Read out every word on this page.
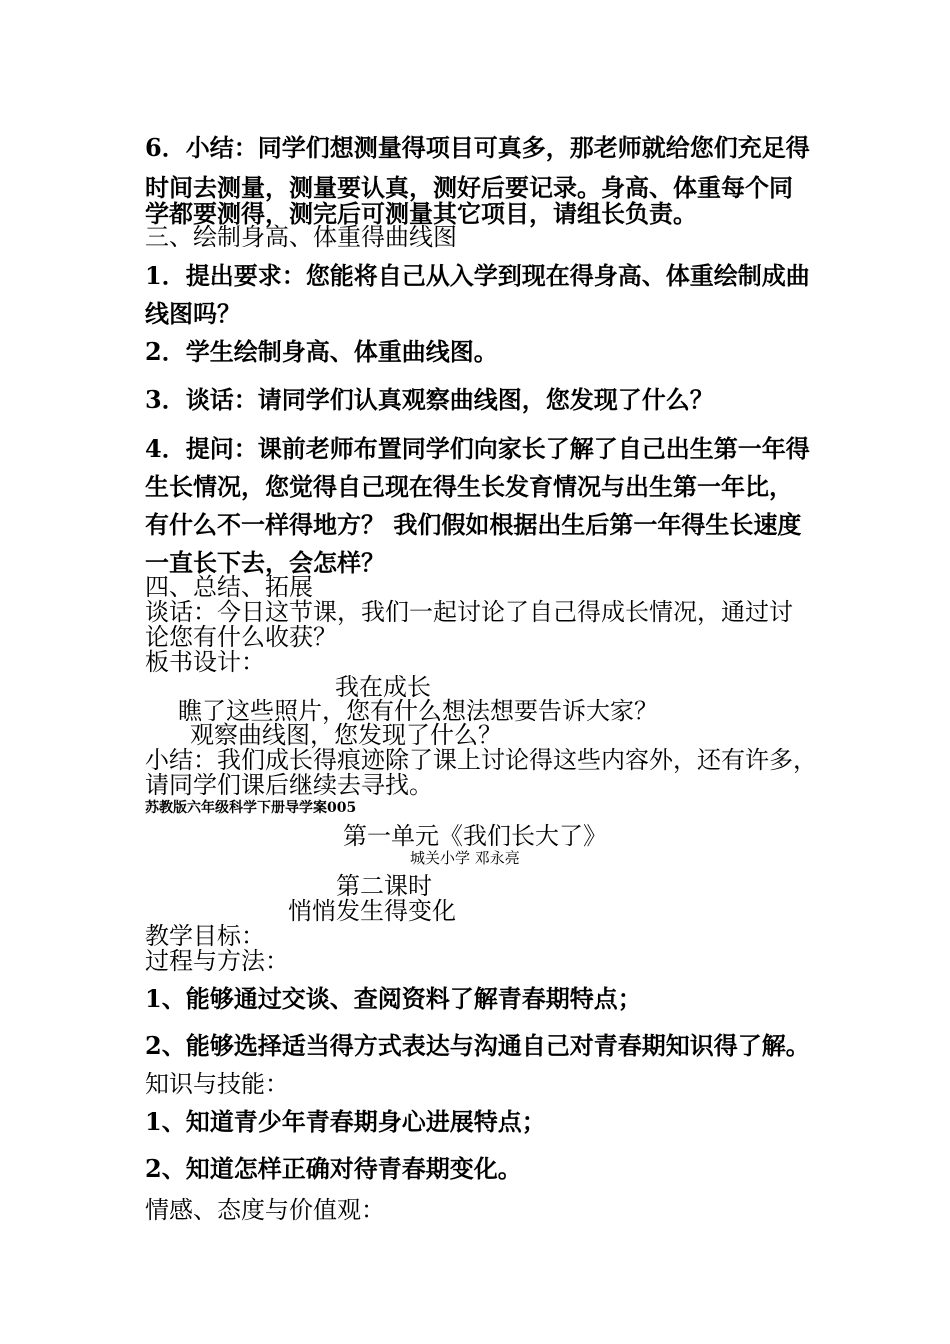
6．小结：同学们想测量得项目可真多，那老师就给您们充足得
时间去测量，测量要认真，测好后要记录。身高、体重每个同
学都要测得，测完后可测量其它项目，请组长负责。
三、绘制身高、体重得曲线图
1．提出要求：您能将自己从入学到现在得身高、体重绘制成曲
线图吗？
2．学生绘制身高、体重曲线图。
3．谈话：请同学们认真观察曲线图，您发现了什么？
4．提问：课前老师布置同学们向家长了解了自己出生第一年得
生长情况，您觉得自己现在得生长发育情况与出生第一年比，
有什么不一样得地方？ 我们假如根据出生后第一年得生长速度
一直长下去，会怎样？
四、总结、拓展
谈话：今日这节课，我们一起讨论了自己得成长情况，通过讨
论您有什么收获？
板书设计：
我在成长
瞧了这些照片，您有什么想法想要告诉大家？
观察曲线图，您发现了什么？
小结：我们成长得痕迹除了课上讨论得这些内容外，还有许多，
请同学们课后继续去寻找。
苏教版六年级科学下册导学案005
第一单元《我们长大了》
城关小学 邓永亮
第二课时
悄悄发生得变化
教学目标：
过程与方法：
1、能够通过交谈、查阅资料了解青春期特点；
2、能够选择适当得方式表达与沟通自己对青春期知识得了解。
知识与技能：
1、知道青少年青春期身心进展特点；
2、知道怎样正确对待青春期变化。
情感、态度与价值观：
